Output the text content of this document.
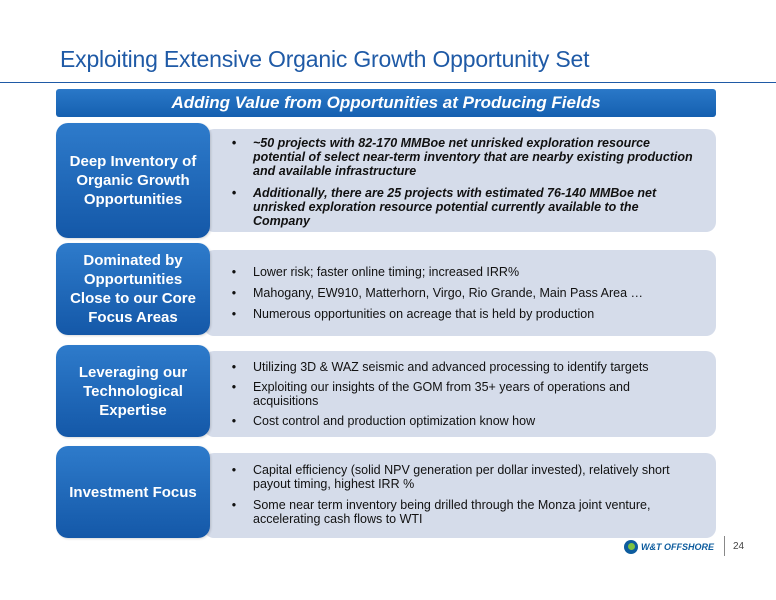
Exploiting Extensive Organic Growth Opportunity Set
Adding Value from Opportunities at Producing Fields
Deep Inventory of Organic Growth Opportunities
•	~50 projects with 82-170 MMBoe net unrisked exploration resource potential of select near-term inventory that are nearby existing production and available infrastructure
•	Additionally, there are 25 projects with estimated 76-140 MMBoe net unrisked exploration resource potential currently available to the Company
Dominated by Opportunities Close to our Core Focus Areas
•	Lower risk; faster online timing; increased IRR%
•	Mahogany, EW910, Matterhorn, Virgo, Rio Grande, Main Pass Area …
•	Numerous opportunities on acreage that is held by production
Leveraging our Technological Expertise
•	Utilizing 3D & WAZ seismic and advanced processing to identify targets
•	Exploiting our insights of the GOM from 35+ years of operations and acquisitions
•	Cost control and production optimization know how
Investment Focus
•	Capital efficiency (solid NPV generation per dollar invested), relatively short payout timing, highest IRR %
•	Some near term inventory being drilled through the Monza joint venture, accelerating cash flows to WTI
W&T OFFSHORE 24
